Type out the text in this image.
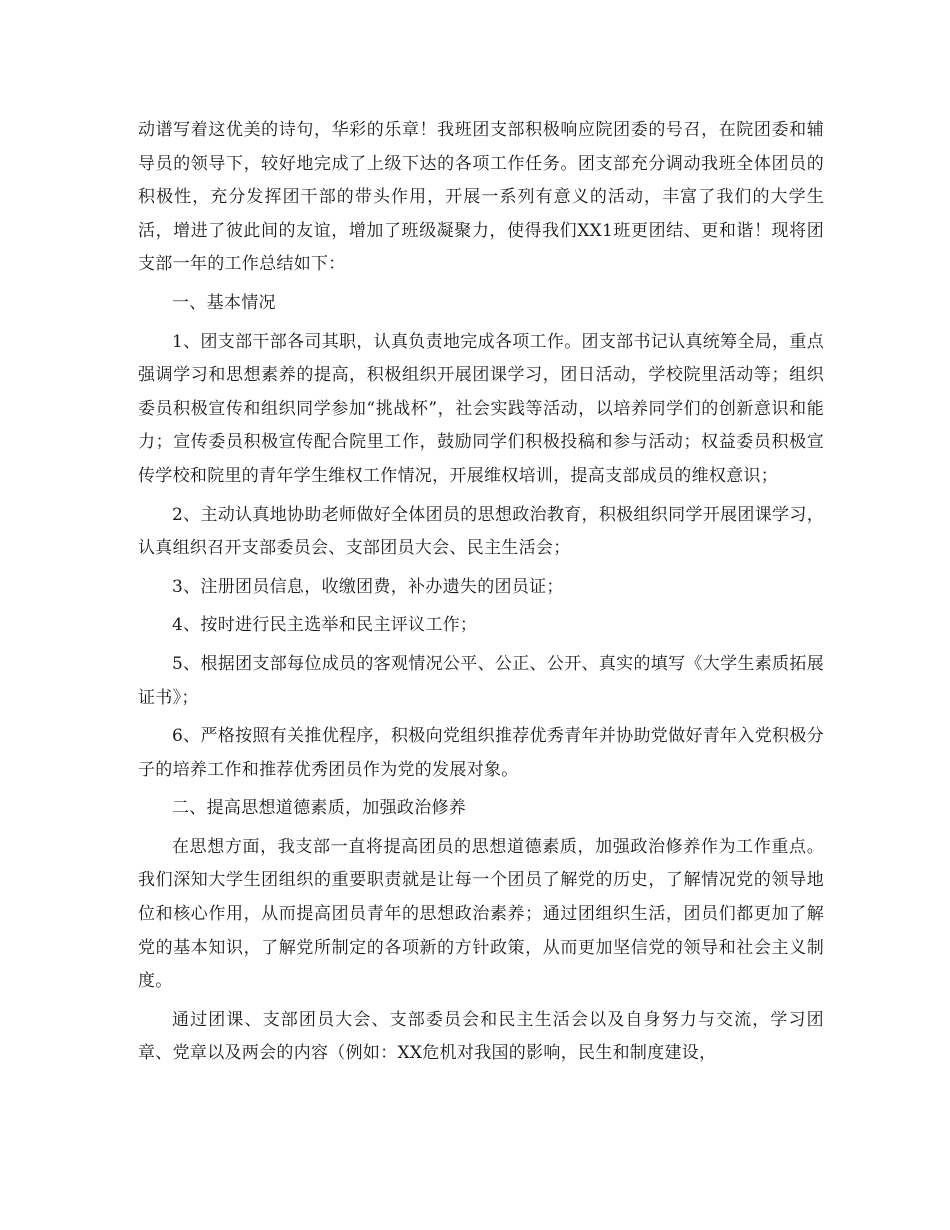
动谱写着这优美的诗句，华彩的乐章！我班团支部积极响应院团委的号召，在院团委和辅导员的领导下，较好地完成了上级下达的各项工作任务。团支部充分调动我班全体团员的积极性，充分发挥团干部的带头作用，开展一系列有意义的活动，丰富了我们的大学生活，增进了彼此间的友谊，增加了班级凝聚力，使得我们XX1班更团结、更和谐！现将团支部一年的工作总结如下：

一、基本情况

1、团支部干部各司其职，认真负责地完成各项工作。团支部书记认真统筹全局，重点强调学习和思想素养的提高，积极组织开展团课学习，团日活动，学校院里活动等；组织委员积极宣传和组织同学参加“挑战杯”，社会实践等活动，以培养同学们的创新意识和能力；宣传委员积极宣传配合院里工作，鼓励同学们积极投稿和参与活动；权益委员积极宣传学校和院里的青年学生维权工作情况，开展维权培训，提高支部成员的维权意识；

2、主动认真地协助老师做好全体团员的思想政治教育，积极组织同学开展团课学习，认真组织召开支部委员会、支部团员大会、民主生活会；

3、注册团员信息，收缴团费，补办遗失的团员证；

4、按时进行民主选举和民主评议工作；

5、根据团支部每位成员的客观情况公平、公正、公开、真实的填写《大学生素质拓展证书》；

6、严格按照有关推优程序，积极向党组织推荐优秀青年并协助党做好青年入党积极分子的培养工作和推荐优秀团员作为党的发展对象。

二、提高思想道德素质，加强政治修养

在思想方面，我支部一直将提高团员的思想道德素质，加强政治修养作为工作重点。我们深知大学生团组织的重要职责就是让每一个团员了解党的历史，了解情况党的领导地位和核心作用，从而提高团员青年的思想政治素养；通过团组织生活，团员们都更加了解党的基本知识，了解党所制定的各项新的方针政策，从而更加坚信党的领导和社会主义制度。

通过团课、支部团员大会、支部委员会和民主生活会以及自身努力与交流，学习团章、党章以及两会的内容（例如：XX危机对我国的影响，民生和制度建设，
